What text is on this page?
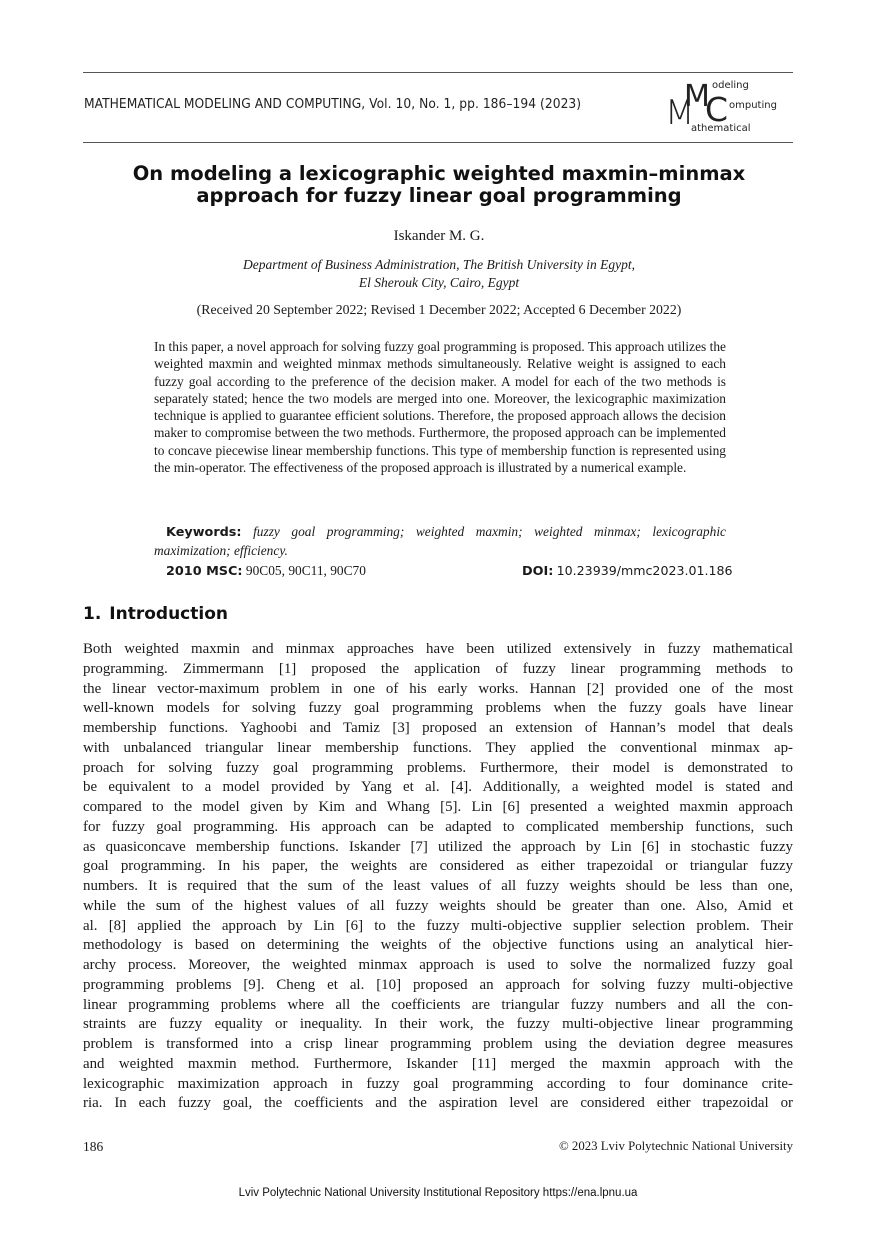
MATHEMATICAL MODELING AND COMPUTING, Vol. 10, No. 1, pp. 186–194 (2023) M
M
C
odeling
omputing
athematical
On modeling a lexicographic weighted maxmin–minmax approach for fuzzy linear goal programming
Iskander M. G.
Department of Business Administration, The British University in Egypt,
El Sherouk City, Cairo, Egypt
(Received 20 September 2022; Revised 1 December 2022; Accepted 6 December 2022)
In this paper, a novel approach for solving fuzzy goal programming is proposed. This approach utilizes the weighted maxmin and weighted minmax methods simultaneously. Relative weight is assigned to each fuzzy goal according to the preference of the decision maker. A model for each of the two methods is separately stated; hence the two models are merged into one. Moreover, the lexicographic maximization technique is applied to guarantee efficient solutions. Therefore, the proposed approach allows the decision maker to compromise between the two methods. Furthermore, the proposed approach can be implemented to concave piecewise linear membership functions. This type of membership function is represented using the min-operator. The effectiveness of the proposed approach is illustrated by a numerical example.
Keywords: fuzzy goal programming; weighted maxmin; weighted minmax; lexicographic maximization; efficiency.
2010 MSC: 90C05, 90C11, 90C70	DOI: 10.23939/mmc2023.01.186
1. Introduction
Both weighted maxmin and minmax approaches have been utilized extensively in fuzzy mathematical
programming. Zimmermann [1] proposed the application of fuzzy linear programming methods to
the linear vector-maximum problem in one of his early works. Hannan [2] provided one of the most
well-known models for solving fuzzy goal programming problems when the fuzzy goals have linear
membership functions. Yaghoobi and Tamiz [3] proposed an extension of Hannan’s model that deals
with unbalanced triangular linear membership functions. They applied the conventional minmax ap-
proach for solving fuzzy goal programming problems. Furthermore, their model is demonstrated to
be equivalent to a model provided by Yang et al. [4]. Additionally, a weighted model is stated and
compared to the model given by Kim and Whang [5]. Lin [6] presented a weighted maxmin approach
for fuzzy goal programming. His approach can be adapted to complicated membership functions, such
as quasiconcave membership functions. Iskander [7] utilized the approach by Lin [6] in stochastic fuzzy
goal programming. In his paper, the weights are considered as either trapezoidal or triangular fuzzy
numbers. It is required that the sum of the least values of all fuzzy weights should be less than one,
while the sum of the highest values of all fuzzy weights should be greater than one. Also, Amid et
al. [8] applied the approach by Lin [6] to the fuzzy multi-objective supplier selection problem. Their
methodology is based on determining the weights of the objective functions using an analytical hier-
archy process. Moreover, the weighted minmax approach is used to solve the normalized fuzzy goal
programming problems [9]. Cheng et al. [10] proposed an approach for solving fuzzy multi-objective
linear programming problems where all the coefficients are triangular fuzzy numbers and all the con-
straints are fuzzy equality or inequality. In their work, the fuzzy multi-objective linear programming
problem is transformed into a crisp linear programming problem using the deviation degree measures
and weighted maxmin method. Furthermore, Iskander [11] merged the maxmin approach with the
lexicographic maximization approach in fuzzy goal programming according to four dominance crite-
ria. In each fuzzy goal, the coefficients and the aspiration level are considered either trapezoidal or
186	© 2023 Lviv Polytechnic National University
Lviv Polytechnic National University Institutional Repository https://ena.lpnu.ua
